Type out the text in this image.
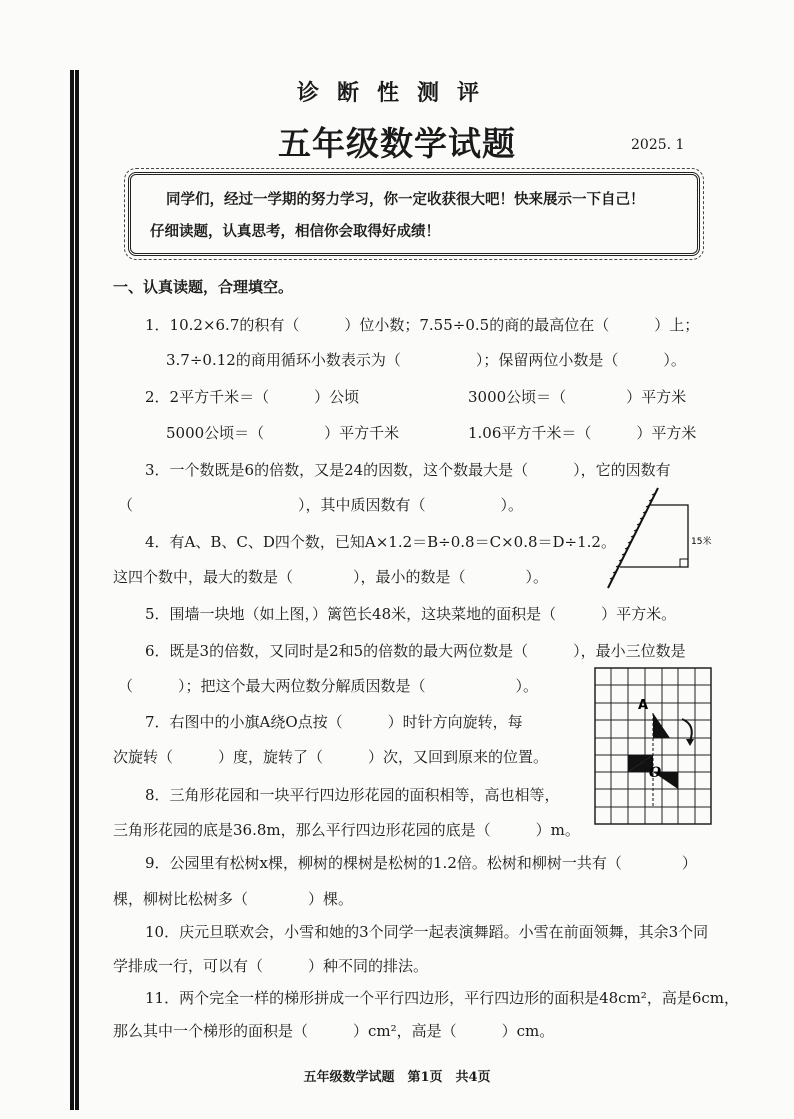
诊断性测评
五年级数学试题	2025. 1
同学们，经过一学期的努力学习，你一定收获很大吧！快来展示一下自己！
仔细读题，认真思考，相信你会取得好成绩！
一、认真读题，合理填空。
1．10.2×6.7的积有（　　　）位小数；7.55÷0.5的商的最高位在（　　　）上；
3.7÷0.12的商用循环小数表示为（　　　　　）；保留两位小数是（　　　）。
2．2平方千米＝（　　　）公顷	3000公顷＝（　　　　）平方米
5000公顷＝（　　　　）平方千米	1.06平方千米＝（　　　）平方米
3．一个数既是6的倍数，又是24的因数，这个数最大是（　　　），它的因数有
（　　　　　　　　　　　），其中质因数有（　　　　　）。
4．有A、B、C、D四个数，已知A×1.2＝B÷0.8＝C×0.8＝D÷1.2。
这四个数中，最大的数是（　　　　），最小的数是（　　　　）。
5．围墙一块地（如上图，）篱笆长48米，这块菜地的面积是（　　　）平方米。
6．既是3的倍数，又同时是2和5的倍数的最大两位数是（　　　），最小三位数是
（　　　）；把这个最大两位数分解质因数是（　　　　　　）。
7．右图中的小旗A绕O点按（　　　）时针方向旋转，每
次旋转（　　　）度，旋转了（　　　）次，又回到原来的位置。
8．三角形花园和一块平行四边形花园的面积相等，高也相等，
三角形花园的底是36.8m，那么平行四边形花园的底是（　　　）m。
9．公园里有松树x棵，柳树的棵树是松树的1.2倍。松树和柳树一共有（　　　　）
棵，柳树比松树多（　　　　）棵。
10．庆元旦联欢会，小雪和她的3个同学一起表演舞蹈。小雪在前面领舞，其余3个同
学排成一行，可以有（　　　）种不同的排法。
11．两个完全一样的梯形拼成一个平行四边形，平行四边形的面积是48cm²，高是6cm，
那么其中一个梯形的面积是（　　　）cm²，高是（　　　）cm。
15米
A
O
五年级数学试题　第1页　共4页
